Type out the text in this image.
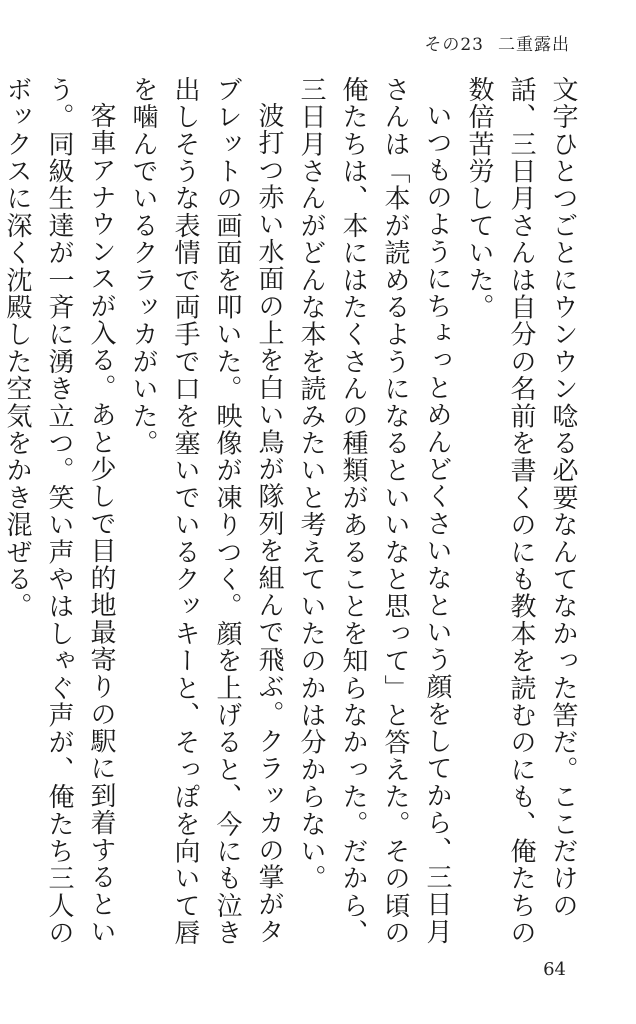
その23 二重露出

文字ひとつごとにウンウン唸る必要なんてなかった筈だ。ここだけの話、三日月さんは自分の名前を書くのにも教本を読むのにも、俺たちの数倍苦労していた。

いつものようにちょっとめんどくさいなという顔をしてから、三日月さんは「本が読めるようになるといいなと思って」と答えた。その頃の俺たちは、本にはたくさんの種類があることを知らなかった。だから、三日月さんがどんな本を読みたいと考えていたのかは分からない。

波打つ赤い水面の上を白い鳥が隊列を組んで飛ぶ。クラッカの掌がタブレットの画面を叩いた。映像が凍りつく。顔を上げると、今にも泣き出しそうな表情で両手で口を塞いでいるクッキーと、そっぽを向いて唇を噛んでいるクラッカがいた。

客車アナウンスが入る。あと少しで目的地最寄りの駅に到着するという。同級生達が一斉に湧き立つ。笑い声やはしゃぐ声が、俺たち三人のボックスに深く沈殿した空気をかき混ぜる。

64
